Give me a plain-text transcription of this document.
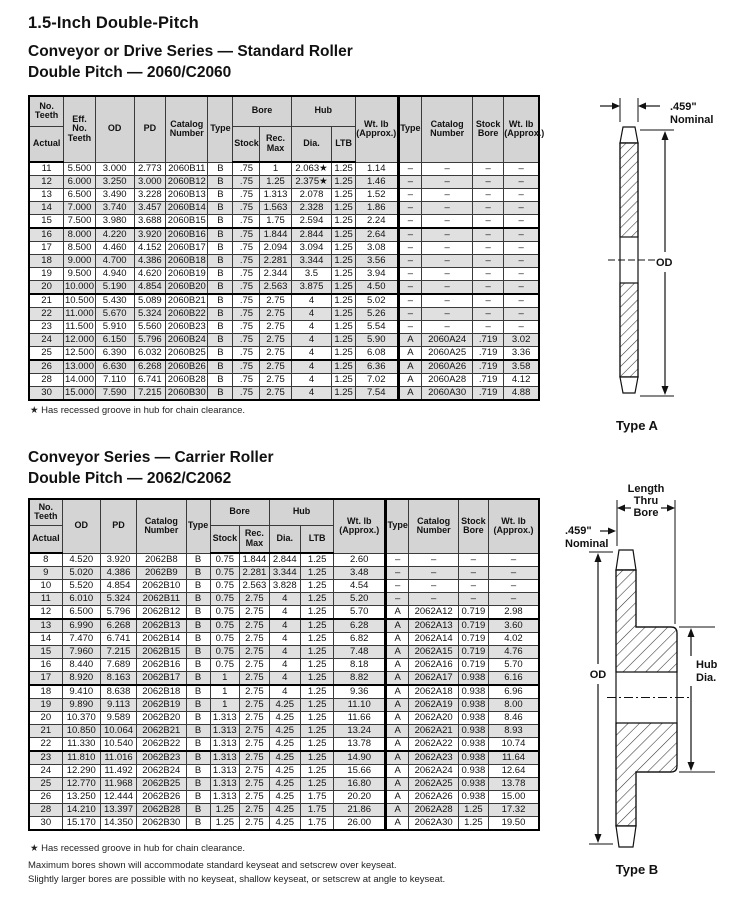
1.5-Inch Double-Pitch
Conveyor or Drive Series — Standard Roller
Double Pitch — 2060/C2060
No. Teeth	Eff. No. Teeth	OD	PD	Catalog Number	Type	Bore		Hub		Wt. lb (Approx.)	Type	Catalog Number	Stock Bore	Wt. lb (Approx.)
Actual						Stock	Rec. Max	Dia.	LTB					
11	5.500	3.000	2.773	2060B11	B	.75	1	2.063★	1.25	1.14	–	–	–	–
12	6.000	3.250	3.000	2060B12	B	.75	1.25	2.375★	1.25	1.46	–	–	–	–
13	6.500	3.490	3.228	2060B13	B	.75	1.313	2.078	1.25	1.52	–	–	–	–
14	7.000	3.740	3.457	2060B14	B	.75	1.563	2.328	1.25	1.86	–	–	–	–
15	7.500	3.980	3.688	2060B15	B	.75	1.75	2.594	1.25	2.24	–	–	–	–
16	8.000	4.220	3.920	2060B16	B	.75	1.844	2.844	1.25	2.64	–	–	–	–
17	8.500	4.460	4.152	2060B17	B	.75	2.094	3.094	1.25	3.08	–	–	–	–
18	9.000	4.700	4.386	2060B18	B	.75	2.281	3.344	1.25	3.56	–	–	–	–
19	9.500	4.940	4.620	2060B19	B	.75	2.344	3.5	1.25	3.94	–	–	–	–
20	10.000	5.190	4.854	2060B20	B	.75	2.563	3.875	1.25	4.50	–	–	–	–
21	10.500	5.430	5.089	2060B21	B	.75	2.75	4	1.25	5.02	–	–	–	–
22	11.000	5.670	5.324	2060B22	B	.75	2.75	4	1.25	5.26	–	–	–	–
23	11.500	5.910	5.560	2060B23	B	.75	2.75	4	1.25	5.54	–	–	–	–
24	12.000	6.150	5.796	2060B24	B	.75	2.75	4	1.25	5.90	A	2060A24	.719	3.02
25	12.500	6.390	6.032	2060B25	B	.75	2.75	4	1.25	6.08	A	2060A25	.719	3.36
26	13.000	6.630	6.268	2060B26	B	.75	2.75	4	1.25	6.36	A	2060A26	.719	3.58
28	14.000	7.110	6.741	2060B28	B	.75	2.75	4	1.25	7.02	A	2060A28	.719	4.12
30	15.000	7.590	7.215	2060B30	B	.75	2.75	4	1.25	7.54	A	2060A30	.719	4.88
★ Has recessed groove in hub for chain clearance.
Conveyor Series — Carrier Roller
Double Pitch — 2062/C2062
No. Teeth	OD	PD	Catalog Number	Type	Bore		Hub		Wt. lb (Approx.)	Type	Catalog Number	Stock Bore	Wt. lb (Approx.)
Actual					Stock	Rec. Max	Dia.	LTB					
8	4.520	3.920	2062B8	B	0.75	1.844	2.844	1.25	2.60	–	–	–	–
9	5.020	4.386	2062B9	B	0.75	2.281	3.344	1.25	3.48	–	–	–	–
10	5.520	4.854	2062B10	B	0.75	2.563	3.828	1.25	4.54	–	–	–	–
11	6.010	5.324	2062B11	B	0.75	2.75	4	1.25	5.20	–	–	–	–
12	6.500	5.796	2062B12	B	0.75	2.75	4	1.25	5.70	A	2062A12	0.719	2.98
13	6.990	6.268	2062B13	B	0.75	2.75	4	1.25	6.28	A	2062A13	0.719	3.60
14	7.470	6.741	2062B14	B	0.75	2.75	4	1.25	6.82	A	2062A14	0.719	4.02
15	7.960	7.215	2062B15	B	0.75	2.75	4	1.25	7.48	A	2062A15	0.719	4.76
16	8.440	7.689	2062B16	B	0.75	2.75	4	1.25	8.18	A	2062A16	0.719	5.70
17	8.920	8.163	2062B17	B	1	2.75	4	1.25	8.82	A	2062A17	0.938	6.16
18	9.410	8.638	2062B18	B	1	2.75	4	1.25	9.36	A	2062A18	0.938	6.96
19	9.890	9.113	2062B19	B	1	2.75	4.25	1.25	11.10	A	2062A19	0.938	8.00
20	10.370	9.589	2062B20	B	1.313	2.75	4.25	1.25	11.66	A	2062A20	0.938	8.46
21	10.850	10.064	2062B21	B	1.313	2.75	4.25	1.25	13.24	A	2062A21	0.938	8.93
22	11.330	10.540	2062B22	B	1.313	2.75	4.25	1.25	13.78	A	2062A22	0.938	10.74
23	11.810	11.016	2062B23	B	1.313	2.75	4.25	1.25	14.90	A	2062A23	0.938	11.64
24	12.290	11.492	2062B24	B	1.313	2.75	4.25	1.25	15.66	A	2062A24	0.938	12.64
25	12.770	11.968	2062B25	B	1.313	2.75	4.25	1.25	16.80	A	2062A25	0.938	13.78
26	13.250	12.444	2062B26	B	1.313	2.75	4.25	1.75	20.20	A	2062A26	0.938	15.00
28	14.210	13.397	2062B28	B	1.25	2.75	4.25	1.75	21.86	A	2062A28	1.25	17.32
30	15.170	14.350	2062B30	B	1.25	2.75	4.25	1.75	26.00	A	2062A30	1.25	19.50
★ Has recessed groove in hub for chain clearance.
Maximum bores shown will accommodate standard keyseat and setscrew over keyseat.
Slightly larger bores are possible with no keyseat, shallow keyseat, or setscrew at angle to keyseat.
.459"
Nominal
OD
Type A
Length
Thru
Bore
.459"
Nominal
OD
Hub
Dia.
Type B
